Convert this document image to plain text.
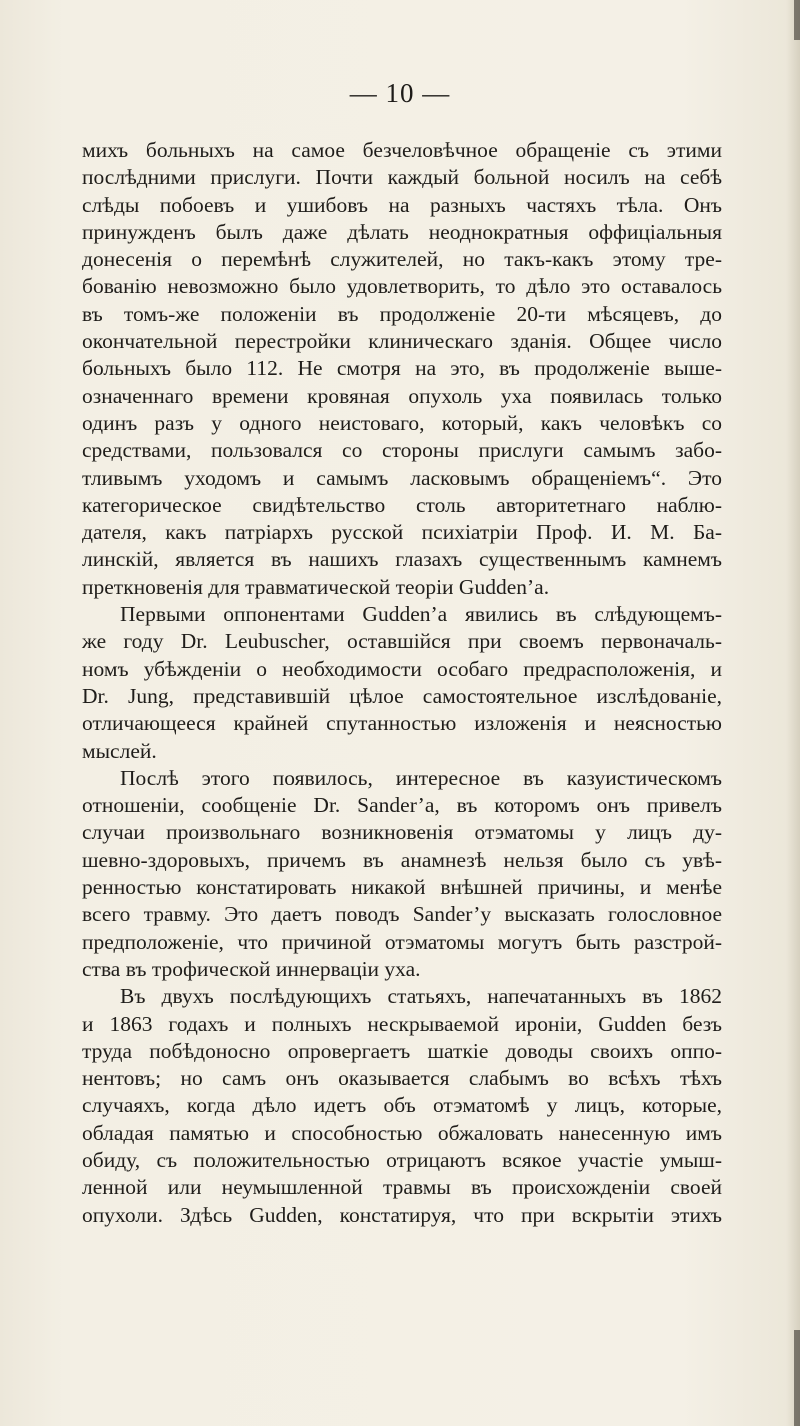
— 10 —
михъ больныхъ на самое безчеловѣчное обращеніе съ этими
послѣдними прислуги. Почти каждый больной носилъ на себѣ
слѣды побоевъ и ушибовъ на разныхъ частяхъ тѣла. Онъ
принужденъ былъ даже дѣлать неоднократныя оффиціальныя
донесенія о перемѣнѣ служителей, но такъ-какъ этому тре-
бованію невозможно было удовлетворить, то дѣло это оставалось
въ томъ-же положеніи въ продолженіе 20-ти мѣсяцевъ, до
окончательной перестройки клиническаго зданія. Общее число
больныхъ было 112. Не смотря на это, въ продолженіе выше-
означеннаго времени кровяная опухоль уха появилась только
одинъ разъ у одного неистоваго, который, какъ человѣкъ со
средствами, пользовался со стороны прислуги самымъ забо-
тливымъ уходомъ и самымъ ласковымъ обращеніемъ“. Это
категорическое свидѣтельство столь авторитетнаго наблю-
дателя, какъ патріархъ русской психіатріи Проф. И. М. Ба-
линскій, является въ нашихъ глазахъ существеннымъ камнемъ
преткновенія для травматической теоріи Gudden’a.
Первыми оппонентами Gudden’a явились въ слѣдующемъ-
же году Dr. Leubuscher, оставшійся при своемъ первоначаль-
номъ убѣжденіи о необходимости особаго предрасположенія, и
Dr. Jung, представившій цѣлое самостоятельное изслѣдованіе,
отличающееся крайней спутанностью изложенія и неясностью
мыслей.
Послѣ этого появилось, интересное въ казуистическомъ
отношеніи, сообщеніе Dr. Sander’a, въ которомъ онъ привелъ
случаи произвольнаго возникновенія отэматомы у лицъ ду-
шевно-здоровыхъ, причемъ въ анамнезѣ нельзя было съ увѣ-
ренностью констатировать никакой внѣшней причины, и менѣе
всего травму. Это даетъ поводъ Sander’у высказать голословное
предположеніе, что причиной отэматомы могутъ быть разстрой-
ства въ трофической иннерваціи уха.
Въ двухъ послѣдующихъ статьяхъ, напечатанныхъ въ 1862
и 1863 годахъ и полныхъ нескрываемой ироніи, Gudden безъ
труда побѣдоносно опровергаетъ шаткіе доводы своихъ оппо-
нентовъ; но самъ онъ оказывается слабымъ во всѣхъ тѣхъ
случаяхъ, когда дѣло идетъ объ отэматомѣ у лицъ, которые,
обладая памятью и способностью обжаловать нанесенную имъ
обиду, съ положительностью отрицаютъ всякое участіе умыш-
ленной или неумышленной травмы въ происхожденіи своей
опухоли. Здѣсь Gudden, констатируя, что при вскрытіи этихъ
